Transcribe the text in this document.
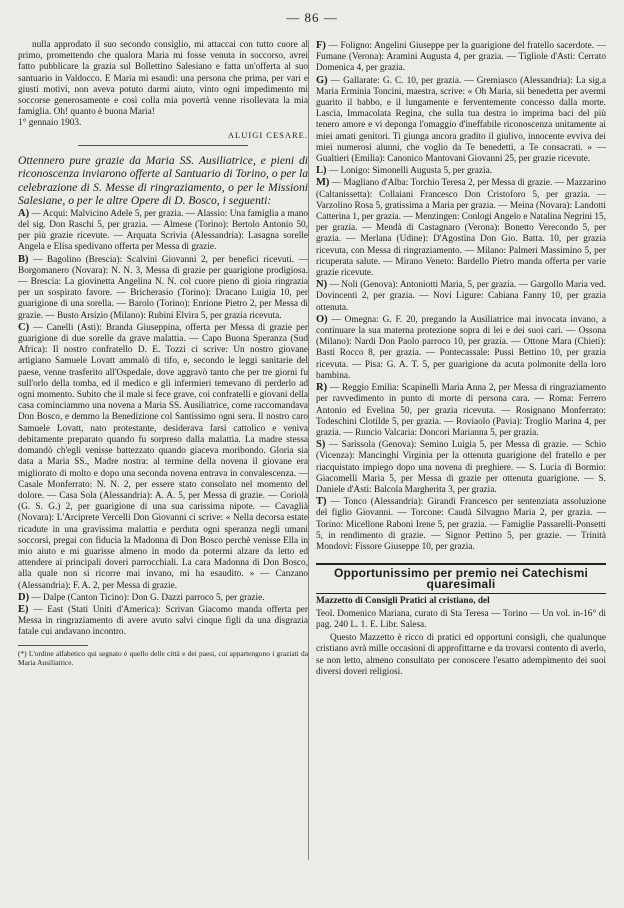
— 86 —

nulla approdato il suo secondo consiglio, mi attaccai con tutto cuore al primo, promettendo che qualora Maria mi fosse venuta in soccorso, avrei fatto pubblicare la grazia sul Bollettino Salesiano e fatta un'offerta al suo santuario in Valdocco. E Maria mi esaudì: una persona che prima, per vari e giusti motivi, non aveva potuto darmi aiuto, vinto ogni impedimento mi soccorse generosamente e così colla mia povertà venne risollevata la mia famiglia. Oh! quanto è buona Maria!

1° gennaio 1903.

ALUIGI CESARE.

Ottennero pure grazie da Maria SS. Ausiliatrice, e pieni di riconoscenza inviarono offerte al Santuario di Torino, o per la celebrazione di S. Messe di ringraziamento, o per le Missioni Salesiane, o per le altre Opere di D. Bosco, i seguenti:

A) — Acqui: Malvicino Adele 5, per grazia. — Alassio: Una famiglia a mano del sig. Don Raschi 5, per grazia. — Almese (Torino): Bertolo Antonio 50, per più grazie ricevute. — Arquata Scrivia (Alessandria): Lasagna sorelle Angela e Elisa spedivano offerta per Messa di grazie.

B) — Bagolino (Brescia): Scalvini Giovanni 2, per benefici ricevuti. — Borgomanero (Novara): N. N. 3, Messa di grazie per guarigione prodigiosa. — Brescia: La giovinetta Angelina N. N. col cuore pieno di gioia ringrazia per un sospirato favore. — Bricherasio (Torino): Dracano Luigia 10, per guarigione di una sorella. — Barolo (Torino): Enrione Pietro 2, per Messa di grazie. — Busto Arsizio (Milano): Rubini Elvira 5, per grazia ricevuta.

C) — Canelli (Asti): Branda Giuseppina, offerta per Messa di grazie per guarigione di due sorelle da grave malattia. — Capo Buona Speranza (Sud Africa): Il nostro confratello D. E. Tozzi ci scrive: Un nostro giovane artigiano Samuele Lovatt ammalò di tifo, e, secondo le leggi sanitarie del paese, venne trasferito all'Ospedale, dove aggravò tanto che per tre giorni fu sull'orlo della tomba, ed il medico e gli infermieri temevano di perderlo ad ogni momento. Subito che il male si fece grave, coi confratelli e giovani della casa cominciammo una novena a Maria SS. Ausiliatrice, come raccomandava Don Bosco, e demmo la Benedizione col Santissimo ogni sera. Il nostro caro Samuele Lovatt, nato protestante, desiderava farsi cattolico e veniva debitamente preparato quando fu sorpreso dalla malattia. La madre stessa domandò ch'egli venisse battezzato quando giaceva moribondo. Gloria sia data a Maria SS., Madre nostra: al termine della novena il giovane era migliorato di molto e dopo una seconda novena entrava in convalescenza. — Casale Monferrato: N. N. 2, per essere stato consolato nel momento del dolore. — Casa Sola (Alessandria): A. A. 5, per Messa di grazie. — Coriolà (G. S. G.) 2, per guarigione di una sua carissima nipote. — Cavaglià (Novara): L'Arciprete Vercelli Don Giovanni ci scrive: « Nella decorsa estate ricadute in una gravissima malattia e perduta ogni speranza negli umani soccorsi, pregai con fiducia la Madonna di Don Bosco perchè venisse Ella in mio aiuto e mi guarisse almeno in modo da potermi alzare da letto ed attendere ai principali doveri parrocchiali. La cara Madonna di Don Bosco, alla quale non si ricorre mai invano, mi ha esaudito. » — Canzano (Alessandria): F. A. 2, per Messa di grazie.

D) — Dalpe (Canton Ticino): Don G. Dazzi parroco 5, per grazie.

E) — East (Stati Uniti d'America): Scrivan Giacomo manda offerta per Messa in ringraziamento di avere avuto salvi cinque figli da una disgrazia fatale cui andavano incontro.

(*) L'ordine alfabetico qui segnato è quello delle città e dei paesi, cui appartengono i graziati da Maria Ausiliatrice.

F) — Foligno: Angelini Giuseppe per la guarigione del fratello sacerdote. — Fumane (Verona): Aramini Augusta 4, per grazia. — Tigliole d'Asti: Cerrato Domenica 4, per grazia.

G) — Gallarate: G. C. 10, per grazia. — Gremiasco (Alessandria): La sig.a Maria Erminia Toncini, maestra, scrive: « Oh Maria, sii benedetta per avermi guarito il babbo, e il lungamente e ferventemente concesso dalla morte. Lascia, Immacolata Regina, che sulla tua destra io imprima baci del più tenero amore e vi deponga l'omaggio d'ineffabile riconoscenza unitamente ai miei amati genitori. Ti giunga ancora gradito il giulivo, innocente evviva dei miei numerosi alunni, che voglio da Te benedetti, a Te consacrati. » — Gualtieri (Emilia): Canonico Mantovani Giovanni 25, per grazie ricevute.

L) — Lonigo: Simonelli Augusta 5, per grazia.

M) — Magliano d'Alba: Torchio Teresa 2, per Messa di grazie. — Mazzarino (Caltanissetta): Collaiani Francesco Don Cristoforo 5, per grazia. — Varzolino Rosa 5, gratissima a Maria per grazia. — Meina (Novara): Landotti Catterina 1, per grazia. — Menzingen: Conlogi Angelo e Natalina Negrini 15, per grazia. — Mendà di Castagnaro (Verona): Bonetto Verecondo 5, per grazia. — Merlana (Udine): D'Agostina Don Gio. Batta. 10, per grazia ricevuta, con Messa di ringraziamento. — Milano: Palmeri Massimino 5, per ricuperata salute. — Mirano Veneto: Bardello Pietro manda offerta per varie grazie ricevute.

N) — Noli (Genova): Antoniotti Maria, 5, per grazia. — Gargollo Maria ved. Dovincenti 2, per grazia. — Novi Ligure: Cabiana Fanny 10, per grazia ottenuta.

O) — Omegna: G. F. 20, pregando la Ausiliatrice mai invocata invano, a continuare la sua materna protezione sopra di lei e dei suoi cari. — Ossona (Milano): Nardi Don Paolo parroco 10, per grazia. — Ottone Mara (Chieti): Basti Rocco 8, per grazia. — Pontecassale: Pussi Bettino 10, per grazia ricevuta. — Pisa: G. A. T. 5, per guarigione da acuta polmonite della loro bambina.

R) — Reggio Emilia: Scapinelli Maria Anna 2, per Messa di ringraziamento per ravvedimento in punto di morte di persona cara. — Roma: Ferrero Antonio ed Evelina 50, per grazia ricevuta. — Rosignano Monferrato: Todeschini Clotilde 5, per grazia. — Roviaolo (Pavia): Troglio Marina 4, per grazia. — Runcio Valcaria: Doncori Marianna 5, per grazia.

S) — Sarissola (Genova): Semino Luigia 5, per Messa di grazie. — Schio (Vicenza): Mancinghi Virginia per la ottenuta guarigione del fratello e per riacquistato impiego dopo una novena di preghiere. — S. Lucia di Bormio: Giacomelli Maria 5, per Messa di grazie per ottenuta guarigione. — S. Daniele d'Asti: Balcola Margherita 3, per grazia.

T) — Tonco (Alessandria): Girandi Francesco per sentenziata assoluzione del figlio Giovanni. — Torcone: Caudà Silvagno Maria 2, per grazia. — Torino: Micellone Raboni Irene 5, per grazia. — Famiglie Passarelli-Ponsetti 5, in rendimento di grazie. — Signor Pettino 5, per grazie. — Trinità Mondovì: Fissore Giuseppe 10, per grazia.

Opportunissimo per premio nei Catechismi quaresimali

Mazzetto di Consigli Pratici al cristiano, del

Teol. Domenico Mariana, curato di Sta Teresa — Torino — Un vol. in-16° di pag. 240 L. 1. E. Libr. Salesa.

Questo Mazzetto è ricco di pratici ed opportuni consigli, che qualunque cristiano avrà mille occasioni di approfittarne e da trovarsi contento di averlo, se non letto, almeno consultato per conoscere l'esatto adempimento dei suoi diversi doveri religiosi.
